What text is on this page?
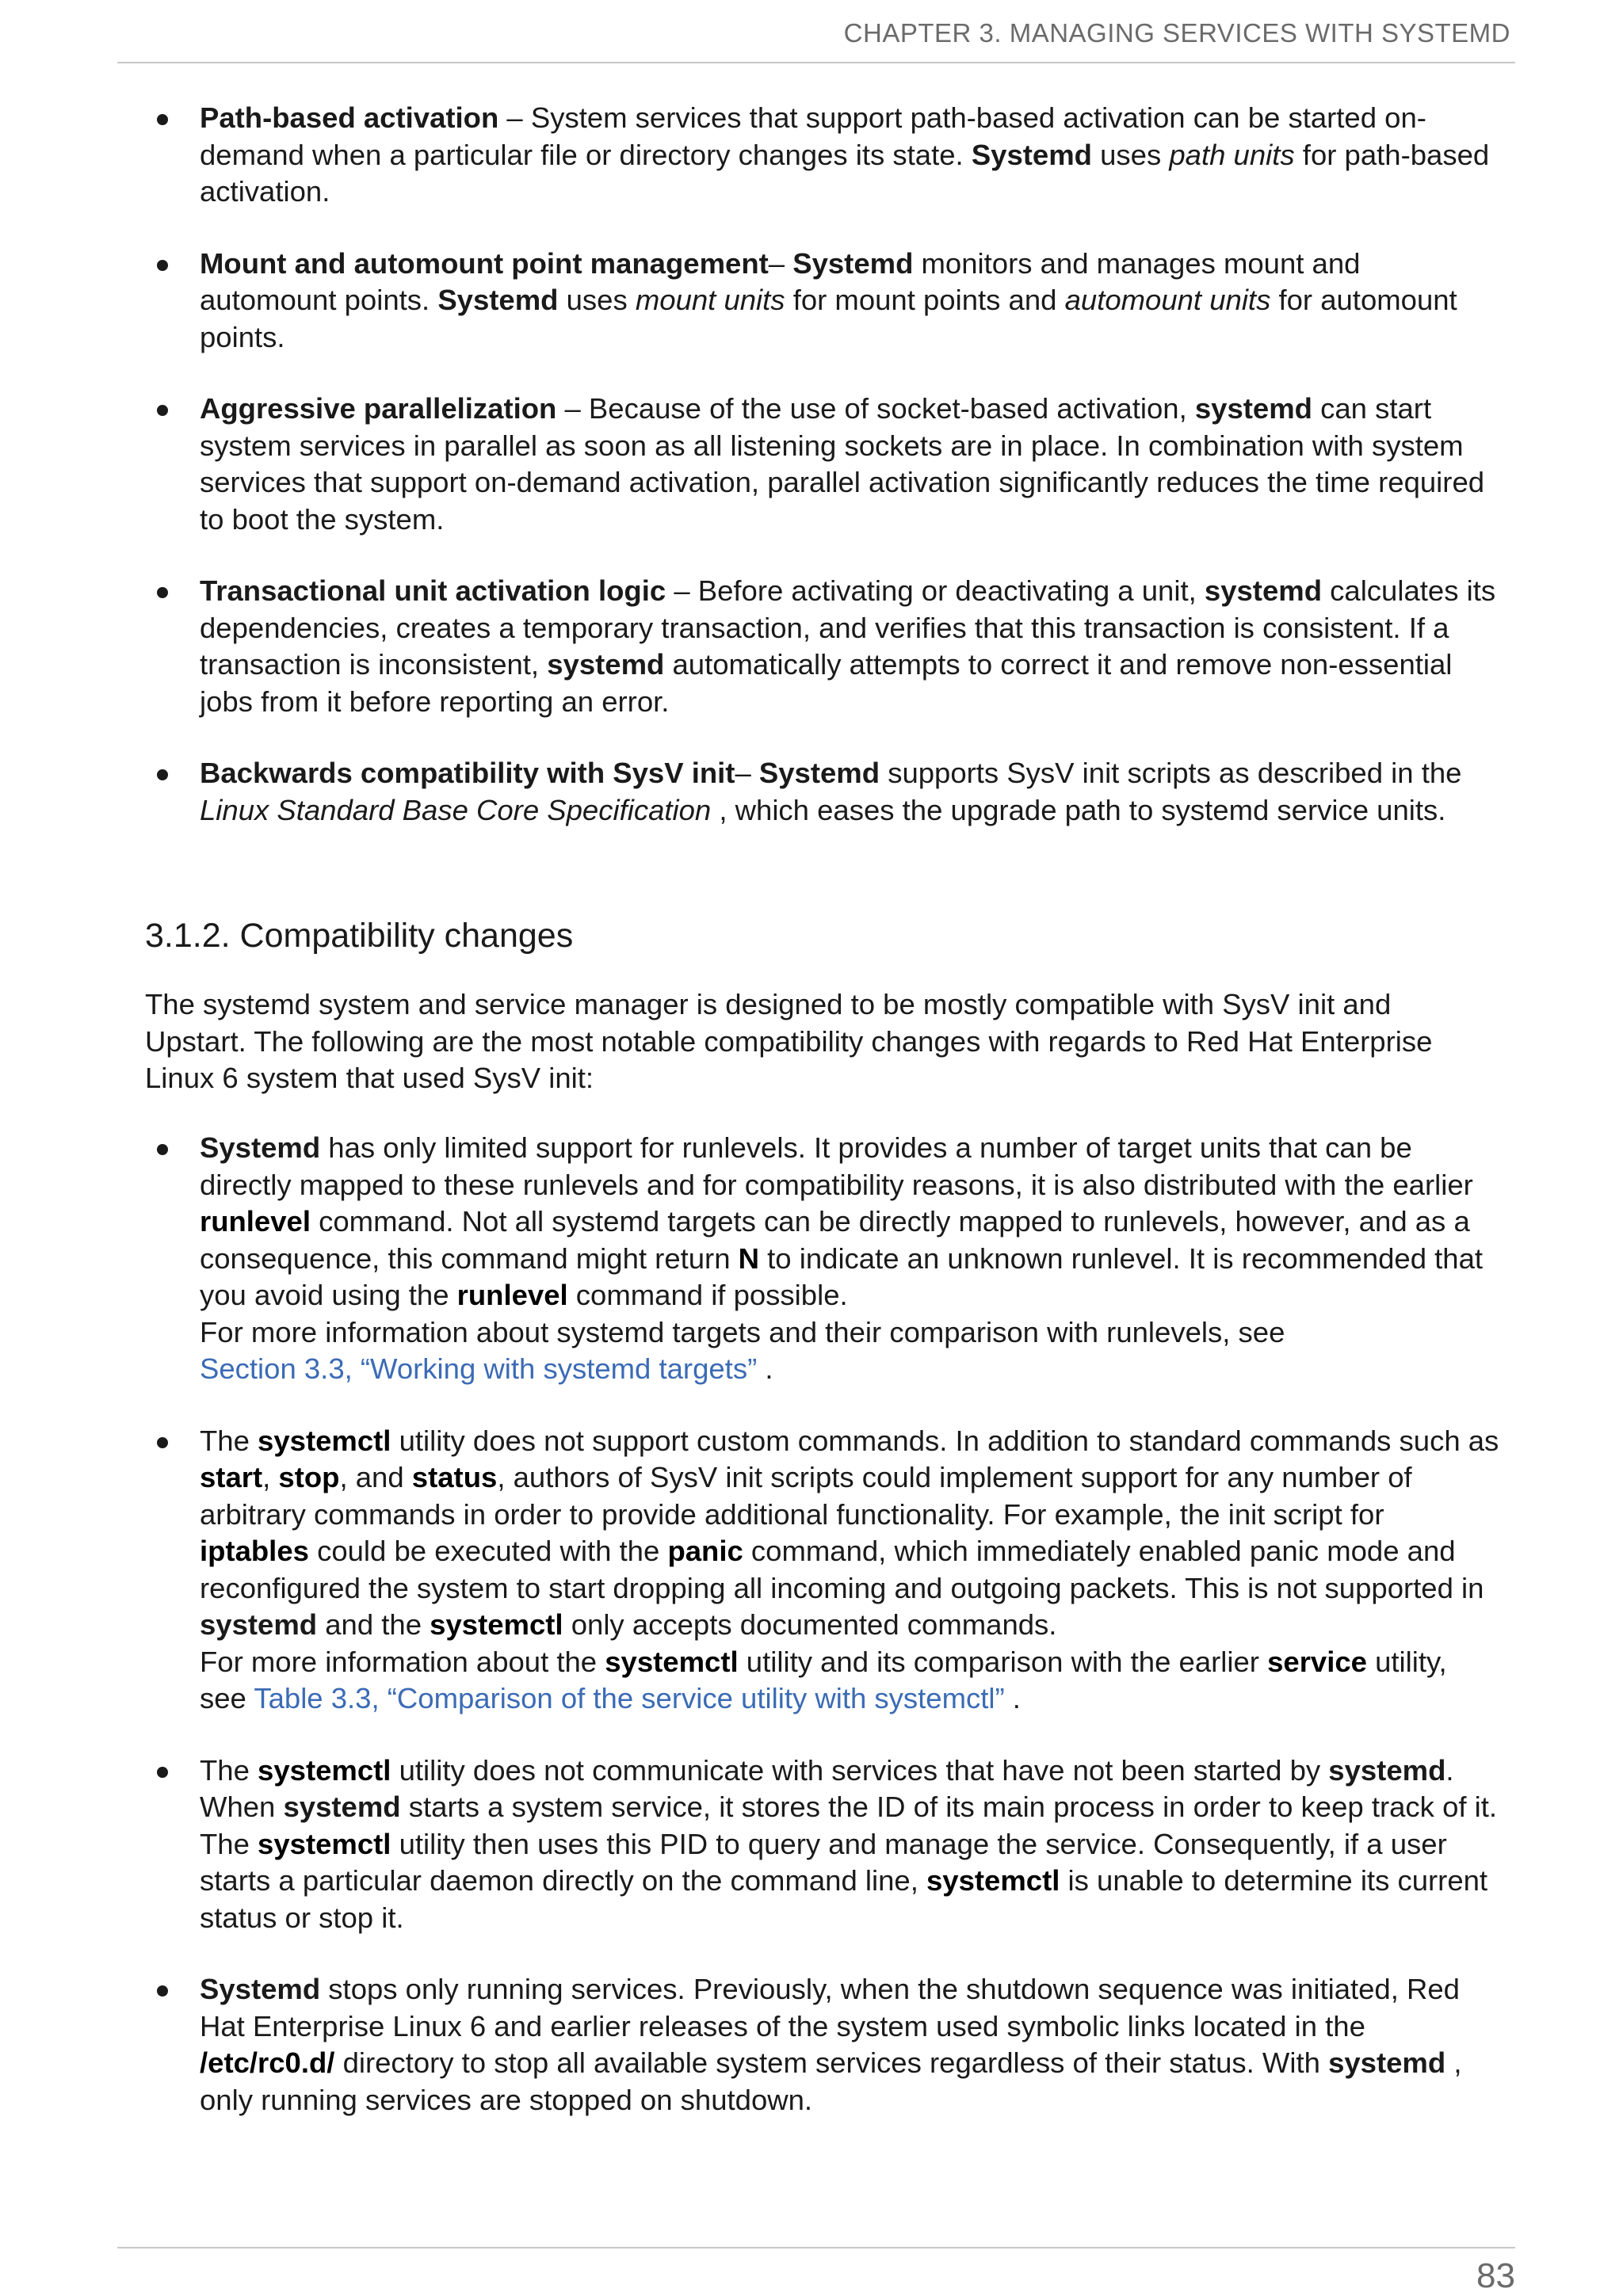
CHAPTER 3. MANAGING SERVICES WITH SYSTEMD
Path-based activation – System services that support path-based activation can be started on-demand when a particular file or directory changes its state. Systemd uses path units for path-based activation.
Mount and automount point management– Systemd monitors and manages mount and automount points. Systemd uses mount units for mount points and automount units for automount points.
Aggressive parallelization – Because of the use of socket-based activation, systemd can start system services in parallel as soon as all listening sockets are in place. In combination with system services that support on-demand activation, parallel activation significantly reduces the time required to boot the system.
Transactional unit activation logic – Before activating or deactivating a unit, systemd calculates its dependencies, creates a temporary transaction, and verifies that this transaction is consistent. If a transaction is inconsistent, systemd automatically attempts to correct it and remove non-essential jobs from it before reporting an error.
Backwards compatibility with SysV init– Systemd supports SysV init scripts as described in the Linux Standard Base Core Specification , which eases the upgrade path to systemd service units.
3.1.2. Compatibility changes

The systemd system and service manager is designed to be mostly compatible with SysV init and Upstart. The following are the most notable compatibility changes with regards to Red Hat Enterprise Linux 6 system that used SysV init:

Systemd has only limited support for runlevels. It provides a number of target units that can be directly mapped to these runlevels and for compatibility reasons, it is also distributed with the earlier runlevel command. Not all systemd targets can be directly mapped to runlevels, however, and as a consequence, this command might return N to indicate an unknown runlevel. It is recommended that you avoid using the runlevel command if possible.
For more information about systemd targets and their comparison with runlevels, see
Section 3.3, “Working with systemd targets” .
The systemctl utility does not support custom commands. In addition to standard commands such as start, stop, and status, authors of SysV init scripts could implement support for any number of arbitrary commands in order to provide additional functionality. For example, the init script for iptables could be executed with the panic command, which immediately enabled panic mode and reconfigured the system to start dropping all incoming and outgoing packets. This is not supported in systemd and the systemctl only accepts documented commands.
For more information about the systemctl utility and its comparison with the earlier service utility, see Table 3.3, “Comparison of the service utility with systemctl” .
The systemctl utility does not communicate with services that have not been started by systemd. When systemd starts a system service, it stores the ID of its main process in order to keep track of it. The systemctl utility then uses this PID to query and manage the service. Consequently, if a user starts a particular daemon directly on the command line, systemctl is unable to determine its current status or stop it.
Systemd stops only running services. Previously, when the shutdown sequence was initiated, Red Hat Enterprise Linux 6 and earlier releases of the system used symbolic links located in the /etc/rc0.d/ directory to stop all available system services regardless of their status. With systemd , only running services are stopped on shutdown.
83
